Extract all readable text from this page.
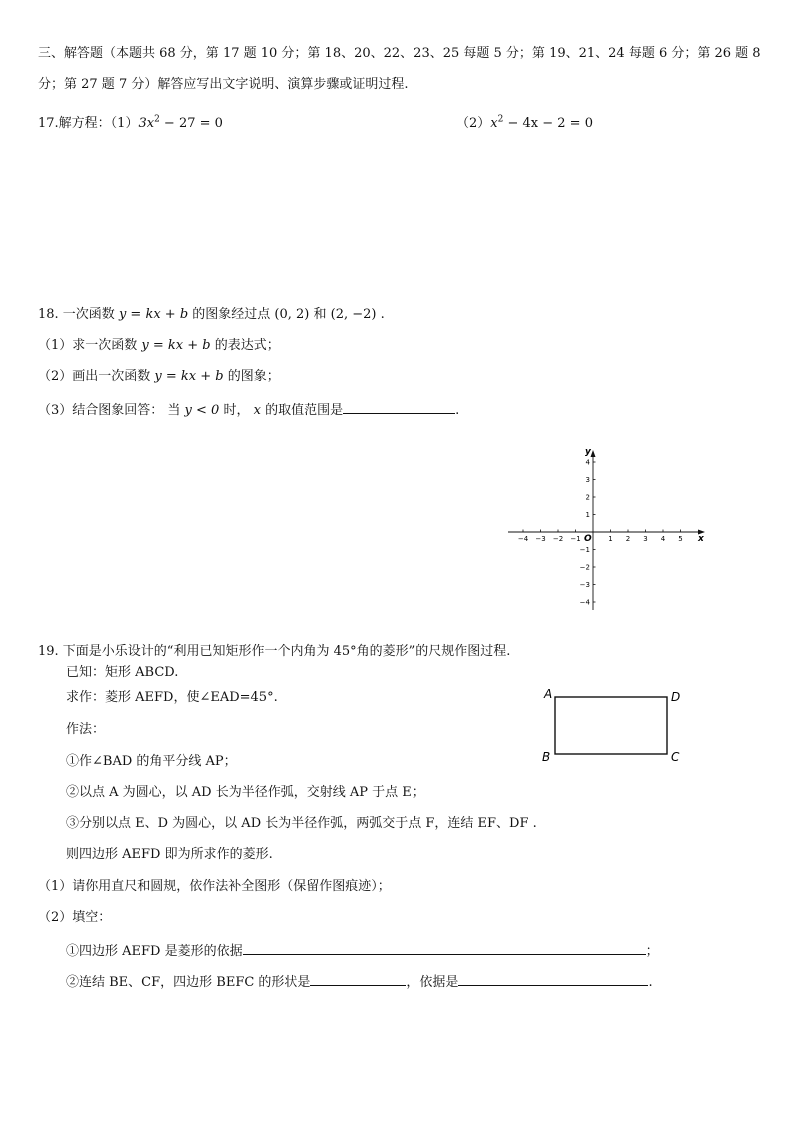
三、解答题（本题共 68 分，第 17 题 10 分；第 18、20、22、23、25 每题 5 分；第 19、21、24 每题 6 分；第 26 题 8
分；第 27 题 7 分）解答应写出文字说明、演算步骤或证明过程.
17.解方程：$(1)3x^2 - 27 = 0$	$(2)x^2 - 4x - 2 = 0$
18. 一次函数 y = kx + b 的图象经过点 (0, 2) 和 (2, −2) .
（1）求一次函数 y = kx + b 的表达式；
（2）画出一次函数 y = kx + b 的图象；
（3）结合图象回答： 当 y < 0 时， x 的取值范围是	.
x
y
O
−4 −3 −2 −1	1 2 3 4 5
4
3
2
1
−1
−2
−3
−4
19. 下面是小乐设计的“利用已知矩形作一个内角为 45°角的菱形”的尺规作图过程.
已知：矩形 ABCD.
求作：菱形 AEFD，使∠EAD=45°.
作法：
①作∠BAD 的角平分线 AP；
②以点 A 为圆心，以 AD 长为半径作弧，交射线 AP 于点 E；
③分别以点 E、D 为圆心，以 AD 长为半径作弧，两弧交于点 F，连结 EF、DF .
则四边形 AEFD 即为所求作的菱形.
（1）请你用直尺和圆规，依作法补全图形（保留作图痕迹）；
（2）填空：
①四边形 AEFD 是菱形的依据	；
②连结 BE、CF，四边形 BEFC 的形状是	，依据是	.
A	D
B	C
